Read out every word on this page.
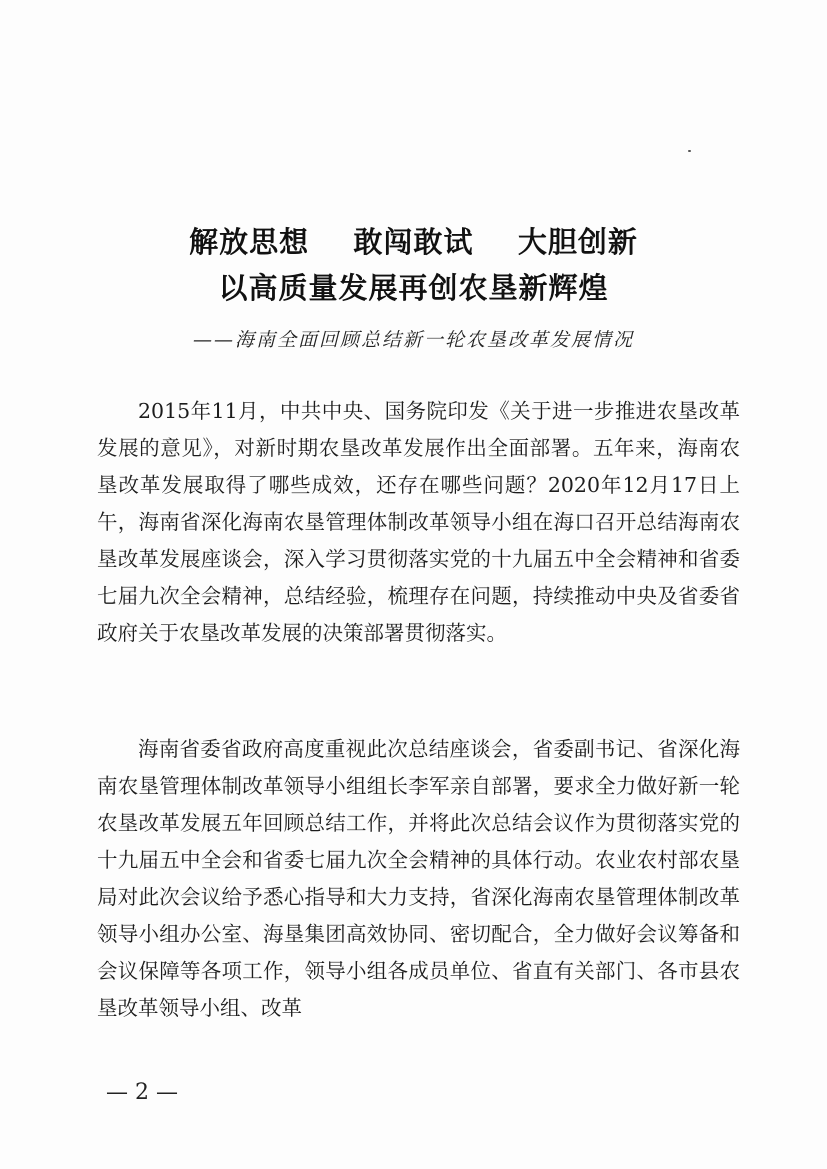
解放思想    敢闯敢试    大胆创新
以高质量发展再创农垦新辉煌
——海南全面回顾总结新一轮农垦改革发展情况

2015年11月，中共中央、国务院印发《关于进一步推进农垦改革发展的意见》，对新时期农垦改革发展作出全面部署。五年来，海南农垦改革发展取得了哪些成效，还存在哪些问题？2020年12月17日上午，海南省深化海南农垦管理体制改革领导小组在海口召开总结海南农垦改革发展座谈会，深入学习贯彻落实党的十九届五中全会精神和省委七届九次全会精神，总结经验，梳理存在问题，持续推动中央及省委省政府关于农垦改革发展的决策部署贯彻落实。

海南省委省政府高度重视此次总结座谈会，省委副书记、省深化海南农垦管理体制改革领导小组组长李军亲自部署，要求全力做好新一轮农垦改革发展五年回顾总结工作，并将此次总结会议作为贯彻落实党的十九届五中全会和省委七届九次全会精神的具体行动。农业农村部农垦局对此次会议给予悉心指导和大力支持，省深化海南农垦管理体制改革领导小组办公室、海垦集团高效协同、密切配合，全力做好会议筹备和会议保障等各项工作，领导小组各成员单位、省直有关部门、各市县农垦改革领导小组、改革

— 2 —
